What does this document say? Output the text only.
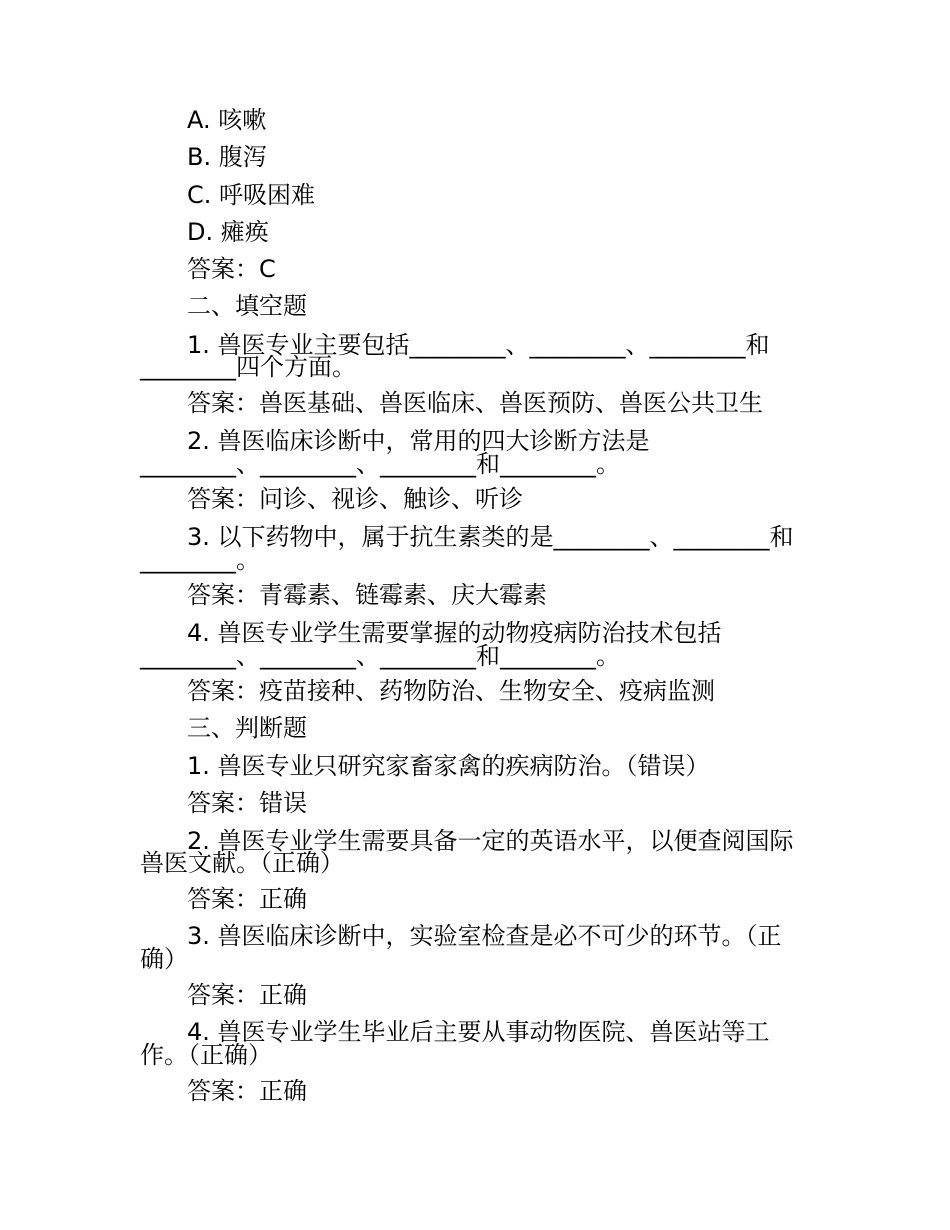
A. 咳嗽
B. 腹泻
C. 呼吸困难
D. 瘫痪
答案：C
二、填空题
1. 兽医专业主要包括________、________、________和
________四个方面。
答案：兽医基础、兽医临床、兽医预防、兽医公共卫生
2. 兽医临床诊断中，常用的四大诊断方法是
________、________、________和________。
答案：问诊、视诊、触诊、听诊
3. 以下药物中，属于抗生素类的是________、________和
________。
答案：青霉素、链霉素、庆大霉素
4. 兽医专业学生需要掌握的动物疫病防治技术包括
________、________、________和________。
答案：疫苗接种、药物防治、生物安全、疫病监测
三、判断题
1. 兽医专业只研究家畜家禽的疾病防治。（错误）
答案：错误
2. 兽医专业学生需要具备一定的英语水平，以便查阅国际
兽医文献。（正确）
答案：正确
3. 兽医临床诊断中，实验室检查是必不可少的环节。（正
确）
答案：正确
4. 兽医专业学生毕业后主要从事动物医院、兽医站等工
作。（正确）
答案：正确
